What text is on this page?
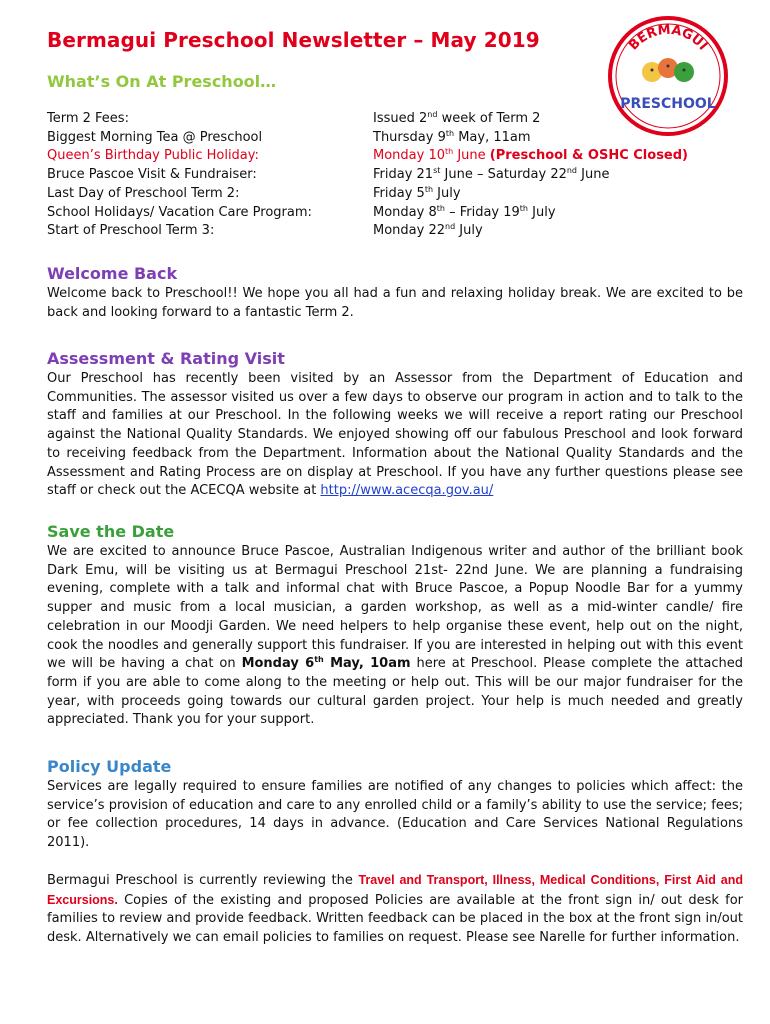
Bermagui Preschool Newsletter – May 2019	BERMAGUI
PRESCHOOL
What’s On At Preschool…
Term 2 Fees:	Issued 2nd week of Term 2
Biggest Morning Tea @ Preschool	Thursday 9th May, 11am
Queen’s Birthday Public Holiday:	Monday 10th June (Preschool & OSHC Closed)
Bruce Pascoe Visit & Fundraiser:	Friday 21st June – Saturday 22nd June
Last Day of Preschool Term 2:	Friday 5th July
School Holidays/ Vacation Care Program:	Monday 8th – Friday 19th July
Start of Preschool Term 3:	Monday 22nd July
Welcome Back

Welcome back to Preschool!! We hope you all had a fun and relaxing holiday break. We are excited to be back and looking forward to a fantastic Term 2.

Assessment & Rating Visit

Our Preschool has recently been visited by an Assessor from the Department of Education and Communities. The assessor visited us over a few days to observe our program in action and to talk to the staff and families at our Preschool. In the following weeks we will receive a report rating our Preschool against the National Quality Standards. We enjoyed showing off our fabulous Preschool and look forward to receiving feedback from the Department. Information about the National Quality Standards and the Assessment and Rating Process are on display at Preschool. If you have any further questions please see staff or check out the ACECQA website at http://www.acecqa.gov.au/

Save the Date

We are excited to announce Bruce Pascoe, Australian Indigenous writer and author of the brilliant book Dark Emu, will be visiting us at Bermagui Preschool 21st- 22nd June. We are planning a fundraising evening, complete with a talk and informal chat with Bruce Pascoe, a Popup Noodle Bar for a yummy supper and music from a local musician, a garden workshop, as well as a mid-winter candle/ fire celebration in our Moodji Garden. We need helpers to help organise these event, help out on the night, cook the noodles and generally support this fundraiser. If you are interested in helping out with this event we will be having a chat on Monday 6th May, 10am here at Preschool. Please complete the attached form if you are able to come along to the meeting or help out. This will be our major fundraiser for the year, with proceeds going towards our cultural garden project. Your help is much needed and greatly appreciated. Thank you for your support.

Policy Update

Services are legally required to ensure families are notified of any changes to policies which affect: the service’s provision of education and care to any enrolled child or a family’s ability to use the service; fees; or fee collection procedures, 14 days in advance. (Education and Care Services National Regulations 2011).

Bermagui Preschool is currently reviewing the Travel and Transport, Illness, Medical Conditions, First Aid and Excursions. Copies of the existing and proposed Policies are available at the front sign in/ out desk for families to review and provide feedback. Written feedback can be placed in the box at the front sign in/out desk. Alternatively we can email policies to families on request. Please see Narelle for further information.
